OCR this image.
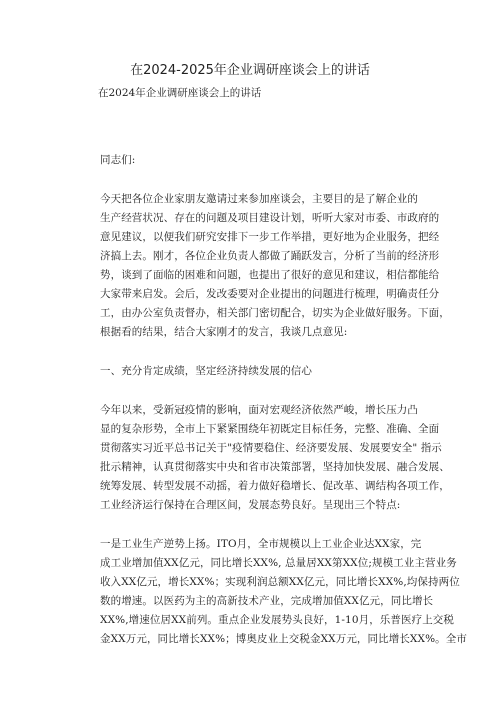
在2024-2025年企业调研座谈会上的讲话
在2024年企业调研座谈会上的讲话
同志们:
今天把各位企业家朋友邀请过来参加座谈会，主要目的是了解企业的
生产经营状况、存在的问题及项目建设计划，听听大家对市委、市政府的
意见建议，以便我们研究安排下一步工作举措，更好地为企业服务，把经
济搞上去。刚才，各位企业负责人都做了踊跃发言，分析了当前的经济形
势，谈到了面临的困难和问题，也提出了很好的意见和建议，相信都能给
大家带来启发。会后，发改委要对企业提出的问题进行梳理，明确责任分
工，由办公室负责督办，相关部门密切配合，切实为企业做好服务。下面，
根据看的结果，结合大家刚才的发言，我谈几点意见:
一、充分肯定成绩，坚定经济持续发展的信心
今年以来，受新冠疫情的影响，面对宏观经济依然严峻，增长压力凸
显的复杂形势，全市上下紧紧围绕年初既定目标任务，完整、准确、全面
贯彻落实习近平总书记关于"疫情要稳住、经济要发展、发展要安全" 指示
批示精神，认真贯彻落实中央和省市决策部署，坚持加快发展、融合发展、
统筹发展、转型发展不动摇，着力做好稳增长、促改革、调结构各项工作，
工业经济运行保持在合理区间，发展态势良好。呈现出三个特点:
一是工业生产逆势上扬。ITO月，全市规模以上工业企业达XX家，完
成工业增加值XX亿元，同比增长XX%, 总量居XX第XX位;规模工业主营业务
收入XX亿元，增长XX%；实现利润总额XX亿元，同比增长XX%,均保持两位
数的增速。以医药为主的高新技术产业，完成增加值XX亿元，同比增长
XX%,增速位居XX前列。重点企业发展势头良好，1-10月，乐普医疗上交税
金XX万元，同比增长XX%；博奥皮业上交税金XX万元，同比增长XX%。全市
